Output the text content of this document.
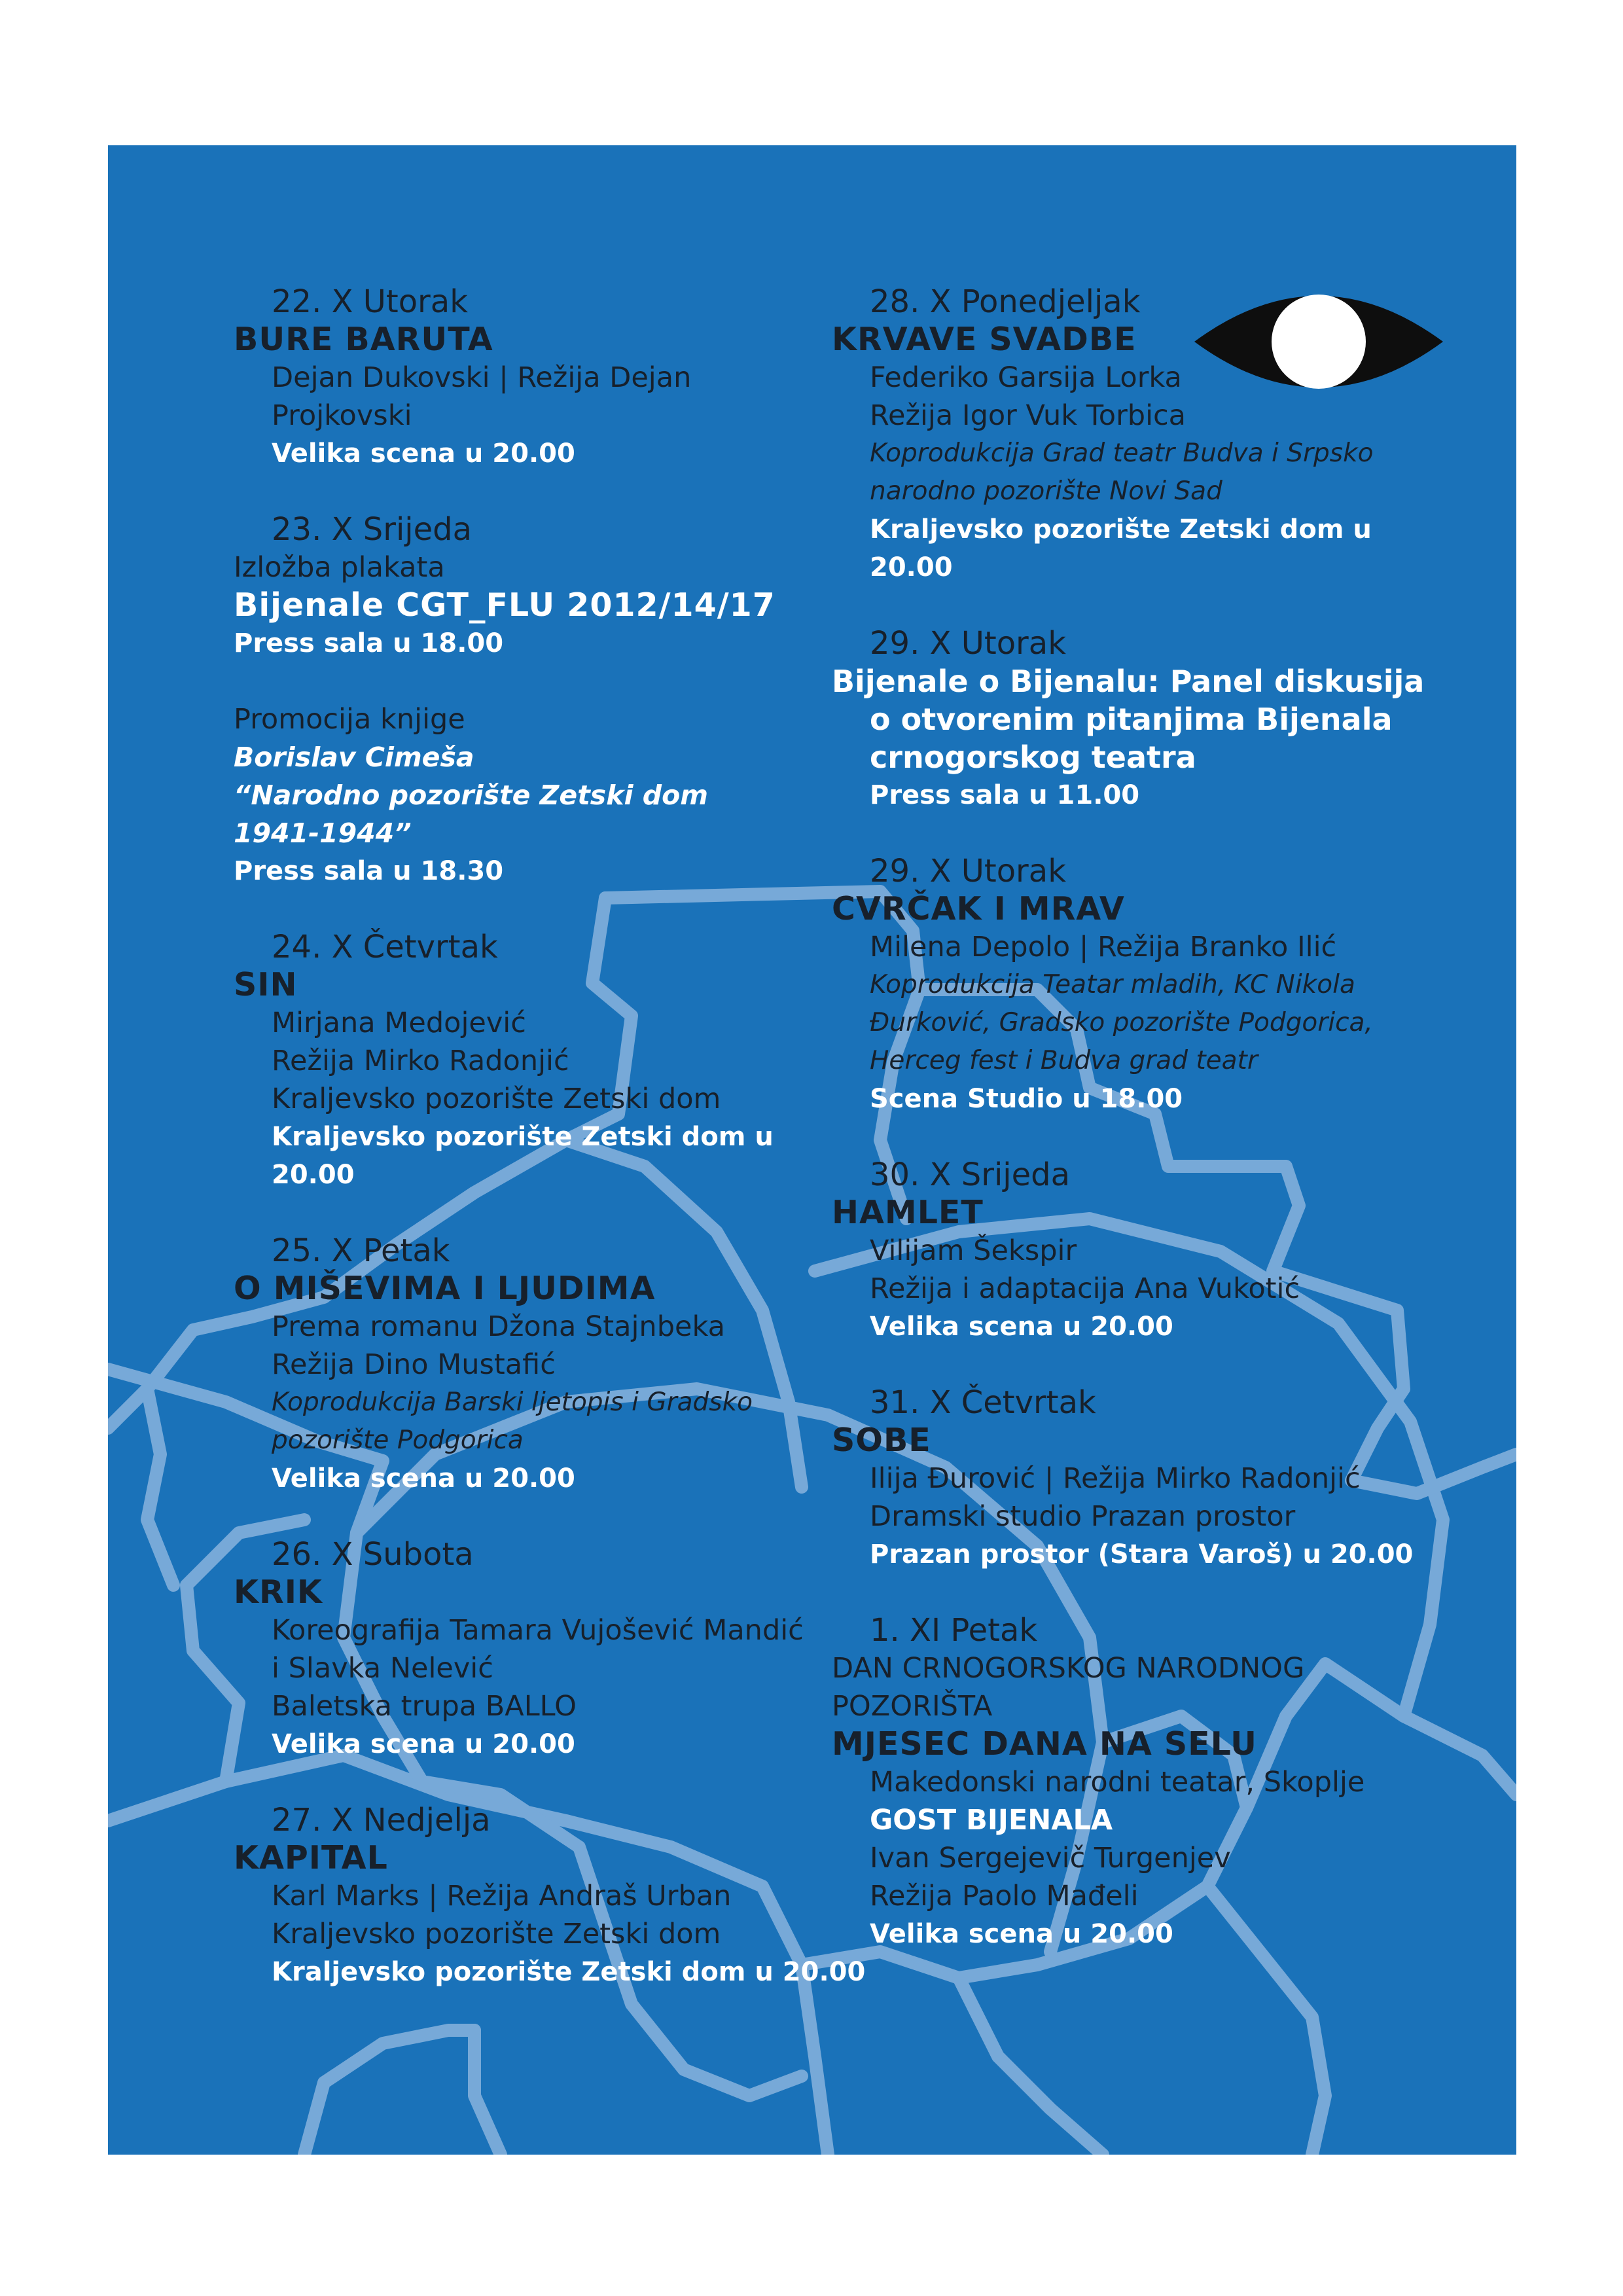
22. X Utorak
BURE BARUTA
Dejan Dukovski | Režija Dejan
Projkovski
Velika scena u 20.00
23. X Srijeda
Izložba plakata
Bijenale CGT_FLU 2012/14/17
Press sala u 18.00
Promocija knjige
Borislav Cimeša
“Narodno pozorište Zetski dom
1941-1944”
Press sala u 18.30
24. X Četvrtak
SIN
Mirjana Medojević
Režija Mirko Radonjić
Kraljevsko pozorište Zetski dom
Kraljevsko pozorište Zetski dom u
20.00
25. X Petak
O MIŠEVIMA I LJUDIMA
Prema romanu Džona Stajnbeka
Režija Dino Mustafić
Koprodukcija Barski ljetopis i Gradsko
pozorište Podgorica
Velika scena u 20.00
26. X Subota
KRIK
Koreografija Tamara Vujošević Mandić
i Slavka Nelević
Baletska trupa BALLO
Velika scena u 20.00
27. X Nedjelja
KAPITAL
Karl Marks | Režija Andraš Urban
Kraljevsko pozorište Zetski dom
Kraljevsko pozorište Zetski dom u 20.00
28. X Ponedjeljak
KRVAVE SVADBE
Federiko Garsija Lorka
Režija Igor Vuk Torbica
Koprodukcija Grad teatr Budva i Srpsko
narodno pozorište Novi Sad
Kraljevsko pozorište Zetski dom u
20.00
29. X Utorak
Bijenale o Bijenalu: Panel diskusija
o otvorenim pitanjima Bijenala
crnogorskog teatra
Press sala u 11.00
29. X Utorak
CVRČAK I MRAV
Milena Depolo | Režija Branko Ilić
Koprodukcija Teatar mladih, KC Nikola
Đurković, Gradsko pozorište Podgorica,
Herceg fest i Budva grad teatr
Scena Studio u 18.00
30. X Srijeda
HAMLET
Vilijam Šekspir
Režija i adaptacija Ana Vukotić
Velika scena u 20.00
31. X Četvrtak
SOBE
Ilija Đurović | Režija Mirko Radonjić
Dramski studio Prazan prostor
Prazan prostor (Stara Varoš) u 20.00
1. XI Petak
DAN CRNOGORSKOG NARODNOG
POZORIŠTA
MJESEC DANA NA SELU
Makedonski narodni teatar, Skoplje
GOST BIJENALA
Ivan Sergejevič Turgenjev
Režija Paolo Mađeli
Velika scena u 20.00
